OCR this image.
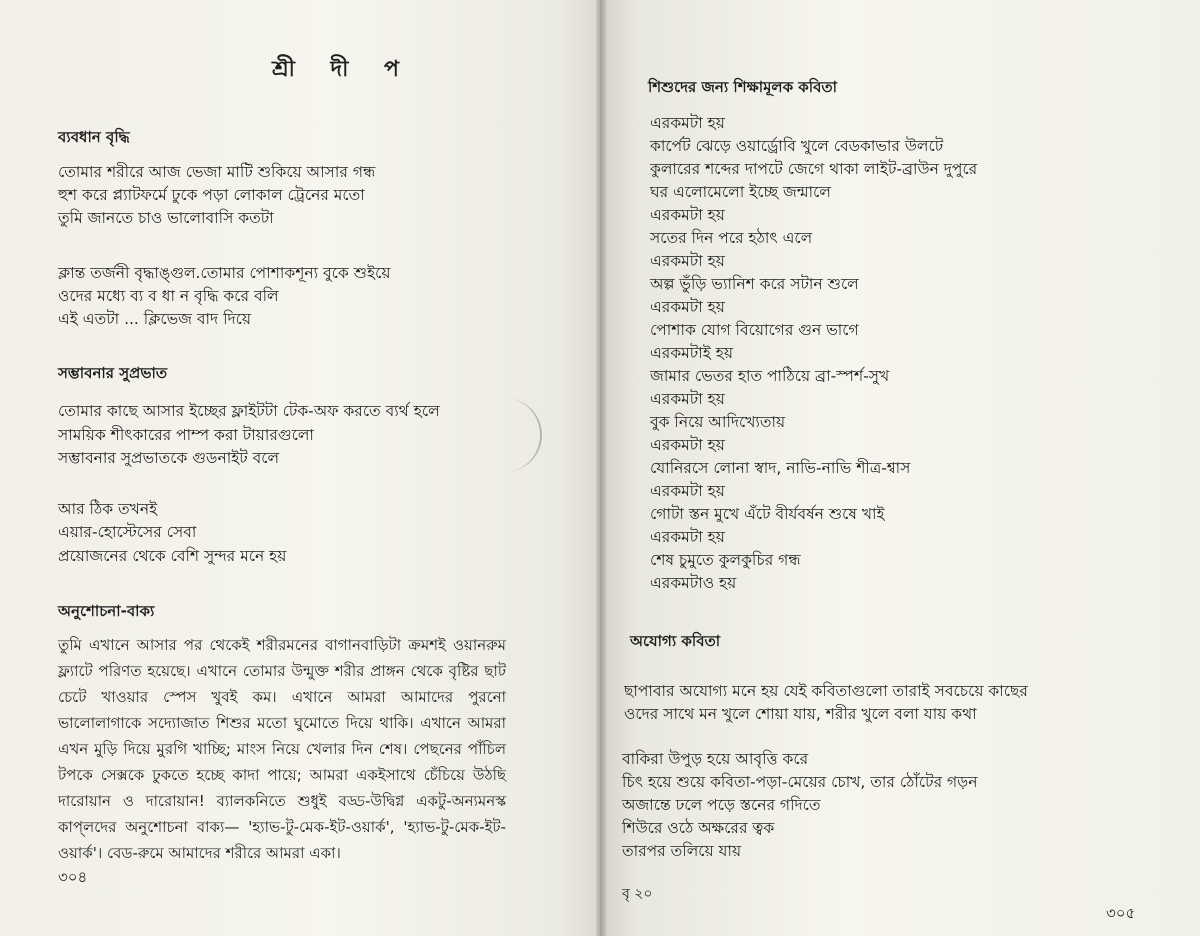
শ্রী দী প
ব্যবধান বৃদ্ধি
তোমার শরীরে আজ ভেজা মাটি শুকিয়ে আসার গন্ধ
হুশ করে প্ল্যাটফর্মে ঢুকে পড়া লোকাল ট্রেনের মতো
তুমি জানতে চাও ভালোবাসি কতটা
ক্লান্ত তর্জনী বৃদ্ধাঙ্গুল.তোমার পোশাকশূন্য বুকে শুইয়ে
ওদের মধ্যে ব্য ব ধা ন বৃদ্ধি করে বলি
এই এতটা ... ক্লিভেজ বাদ দিয়ে
সম্ভাবনার সুপ্রভাত
তোমার কাছে আসার ইচ্ছের ফ্লাইটটা টেক-অফ করতে ব্যর্থ হলে
সাময়িক শীৎকারের পাম্প করা টায়ারগুলো
সম্ভাবনার সুপ্রভাতকে গুডনাইট বলে
আর ঠিক তখনই
এয়ার-হোস্টেসের সেবা
প্রয়োজনের থেকে বেশি সুন্দর মনে হয়
অনুশোচনা-বাক্য
তুমি এখানে আসার পর থেকেই শরীরমনের বাগানবাড়িটা ক্রমশই ওয়ানরুম ফ্ল্যাটে পরিণত হয়েছে। এখানে তোমার উন্মুক্ত শরীর প্রাঙ্গন থেকে বৃষ্টির ছাট চেটে খাওয়ার স্পেস খুবই কম। এখানে আমরা আমাদের পুরনো ভালোলাগাকে সদ্যোজাত শিশুর মতো ঘুমোতে দিয়ে থাকি। এখানে আমরা এখন মুড়ি দিয়ে মুরগি খাচ্ছি; মাংস নিয়ে খেলার দিন শেষ। পেছনের পাঁচিল টপকে সেক্সকে ঢুকতে হচ্ছে কাদা পায়ে; আমরা একইসাথে চেঁচিয়ে উঠছি দারোয়ান ও দারোয়ান! ব্যালকনিতে শুধুই বড্ড-উদ্বিগ্ন একটু-অন্যমনস্ক কাপ্‌লদের অনুশোচনা বাক্য— 'হ্যাভ-টু-মেক-ইট-ওয়ার্ক', 'হ্যাভ-টু-মেক-ইট-ওয়ার্ক'। বেড-রুমে আমাদের শরীরে আমরা একা।
৩০৪
শিশুদের জন্য শিক্ষামূলক কবিতা
এরকমটা হয়
কার্পেট ঝেড়ে ওয়ার্ড্রোবি খুলে বেডকাভার উলটে
কুলারের শব্দের দাপটে জেগে থাকা লাইট-ব্রাউন দুপুরে
ঘর এলোমেলো ইচ্ছে জন্মালে
এরকমটা হয়
সতের দিন পরে হঠাৎ এলে
এরকমটা হয়
অল্প ভুঁড়ি ভ্যানিশ করে সটান শুলে
এরকমটা হয়
পোশাক যোগ বিয়োগের গুন ভাগে
এরকমটাই হয়
জামার ভেতর হাত পাঠিয়ে ব্রা-স্পর্শ-সুখ
এরকমটা হয়
বুক নিয়ে আদিখ্যেতায়
এরকমটা হয়
যোনিরসে লোনা স্বাদ, নাভি-নাভি শীত্র-শ্বাস
এরকমটা হয়
গোটা স্তন মুখে এঁটে বীর্যবর্ষন শুষে খাই
এরকমটা হয়
শেষ চুমুতে কুলকুচির গন্ধ
এরকমটাও হয়
অযোগ্য কবিতা
ছাপাবার অযোগ্য মনে হয় যেই কবিতাগুলো তারাই সবচেয়ে কাছের
ওদের সাথে মন খুলে শোয়া যায়, শরীর খুলে বলা যায় কথা
বাকিরা উপুড় হয়ে আবৃত্তি করে
চিৎ হয়ে শুয়ে কবিতা-পড়া-মেয়ের চোখ, তার ঠোঁটের গড়ন
অজান্তে ঢলে পড়ে স্তনের গদিতে
শিউরে ওঠে অক্ষরের ত্বক
তারপর তলিয়ে যায়
বৃ ২০
৩০৫
